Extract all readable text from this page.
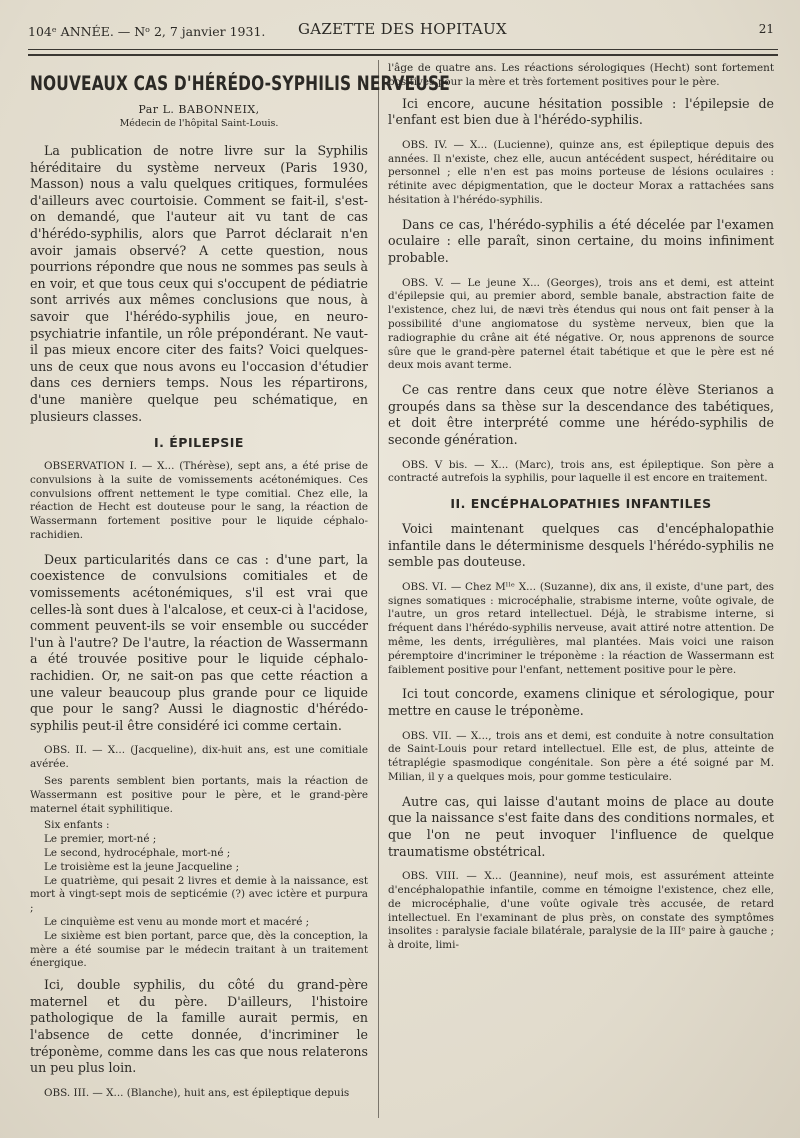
104ᵉ ANNÉE. — Nᵒ 2, 7 janvier 1931. GAZETTE DES HOPITAUX	21
NOUVEAUX CAS D'HÉRÉDO-SYPHILIS NERVEUSE
Par L. BABONNEIX,
Médecin de l'hôpital Saint-Louis.

La publication de notre livre sur la Syphilis héréditaire du système nerveux (Paris 1930, Masson) nous a valu quelques critiques, formulées d'ailleurs avec courtoisie. Comment se fait-il, s'est-on demandé, que l'auteur ait vu tant de cas d'hérédo-syphilis, alors que Parrot déclarait n'en avoir jamais observé? A cette question, nous pourrions répondre que nous ne sommes pas seuls à en voir, et que tous ceux qui s'occupent de pédiatrie sont arrivés aux mêmes conclusions que nous, à savoir que l'hérédo-syphilis joue, en neuro-psychiatrie infantile, un rôle prépondérant. Ne vaut-il pas mieux encore citer des faits? Voici quelques-uns de ceux que nous avons eu l'occasion d'étudier dans ces derniers temps. Nous les répartirons, d'une manière quelque peu schématique, en plusieurs classes.

I. ÉPILEPSIE

OBSERVATION I. — X... (Thérèse), sept ans, a été prise de convulsions à la suite de vomissements acétonémiques. Ces convulsions offrent nettement le type comitial. Chez elle, la réaction de Hecht est douteuse pour le sang, la réaction de Wassermann fortement positive pour le liquide céphalo-rachidien.

Deux particularités dans ce cas : d'une part, la coexistence de convulsions comitiales et de vomissements acétonémiques, s'il est vrai que celles-là sont dues à l'alcalose, et ceux-ci à l'acidose, comment peuvent-ils se voir ensemble ou succéder l'un à l'autre? De l'autre, la réaction de Wassermann a été trouvée positive pour le liquide céphalo-rachidien. Or, ne sait-on pas que cette réaction a une valeur beaucoup plus grande pour ce liquide que pour le sang? Aussi le diagnostic d'hérédo-syphilis peut-il être considéré ici comme certain.

OBS. II. — X... (Jacqueline), dix-huit ans, est une comitiale avérée.

Ses parents semblent bien portants, mais la réaction de Wassermann est positive pour le père, et le grand-père maternel était syphilitique.

Six enfants :

Le premier, mort-né ;

Le second, hydrocéphale, mort-né ;

Le troisième est la jeune Jacqueline ;

Le quatrième, qui pesait 2 livres et demie à la naissance, est mort à vingt-sept mois de septicémie (?) avec ictère et purpura ;

Le cinquième est venu au monde mort et macéré ;

Le sixième est bien portant, parce que, dès la conception, la mère a été soumise par le médecin traitant à un traitement énergique.

Ici, double syphilis, du côté du grand-père maternel et du père. D'ailleurs, l'histoire pathologique de la famille aurait permis, en l'absence de cette donnée, d'incriminer le tréponème, comme dans les cas que nous relaterons un peu plus loin.

OBS. III. — X... (Blanche), huit ans, est épileptique depuis

l'âge de quatre ans. Les réactions sérologiques (Hecht) sont fortement positives pour la mère et très fortement positives pour le père.

Ici encore, aucune hésitation possible : l'épilepsie de l'enfant est bien due à l'hérédo-syphilis.

OBS. IV. — X... (Lucienne), quinze ans, est épileptique depuis des années. Il n'existe, chez elle, aucun antécédent suspect, héréditaire ou personnel ; elle n'en est pas moins porteuse de lésions oculaires : rétinite avec dépigmentation, que le docteur Morax a rattachées sans hésitation à l'hérédo-syphilis.

Dans ce cas, l'hérédo-syphilis a été décelée par l'examen oculaire : elle paraît, sinon certaine, du moins infiniment probable.

OBS. V. — Le jeune X... (Georges), trois ans et demi, est atteint d'épilepsie qui, au premier abord, semble banale, abstraction faite de l'existence, chez lui, de nævi très étendus qui nous ont fait penser à la possibilité d'une angiomatose du système nerveux, bien que la radiographie du crâne ait été négative. Or, nous apprenons de source sûre que le grand-père paternel était tabétique et que le père est né deux mois avant terme.

Ce cas rentre dans ceux que notre élève Sterianos a groupés dans sa thèse sur la descendance des tabétiques, et doit être interprété comme une hérédo-syphilis de seconde génération.

OBS. V bis. — X... (Marc), trois ans, est épileptique. Son père a contracté autrefois la syphilis, pour laquelle il est encore en traitement.

II. ENCÉPHALOPATHIES INFANTILES

Voici maintenant quelques cas d'encéphalopathie infantile dans le déterminisme desquels l'hérédo-syphilis ne semble pas douteuse.

OBS. VI. — Chez Mˡˡᵉ X... (Suzanne), dix ans, il existe, d'une part, des signes somatiques : microcéphalie, strabisme interne, voûte ogivale, de l'autre, un gros retard intellectuel. Déjà, le strabisme interne, si fréquent dans l'hérédo-syphilis nerveuse, avait attiré notre attention. De même, les dents, irrégulières, mal plantées. Mais voici une raison péremptoire d'incriminer le tréponème : la réaction de Wassermann est faiblement positive pour l'enfant, nettement positive pour le père.

Ici tout concorde, examens clinique et sérologique, pour mettre en cause le tréponème.

OBS. VII. — X..., trois ans et demi, est conduite à notre consultation de Saint-Louis pour retard intellectuel. Elle est, de plus, atteinte de tétraplégie spasmodique congénitale. Son père a été soigné par M. Milian, il y a quelques mois, pour gomme testiculaire.

Autre cas, qui laisse d'autant moins de place au doute que la naissance s'est faite dans des conditions normales, et que l'on ne peut invoquer l'influence de quelque traumatisme obstétrical.

OBS. VIII. — X... (Jeannine), neuf mois, est assurément atteinte d'encéphalopathie infantile, comme en témoigne l'existence, chez elle, de microcéphalie, d'une voûte ogivale très accusée, de retard intellectuel. En l'examinant de plus près, on constate des symptômes insolites : paralysie faciale bilatérale, paralysie de la IIIᵉ paire à gauche ; à droite, limi-
